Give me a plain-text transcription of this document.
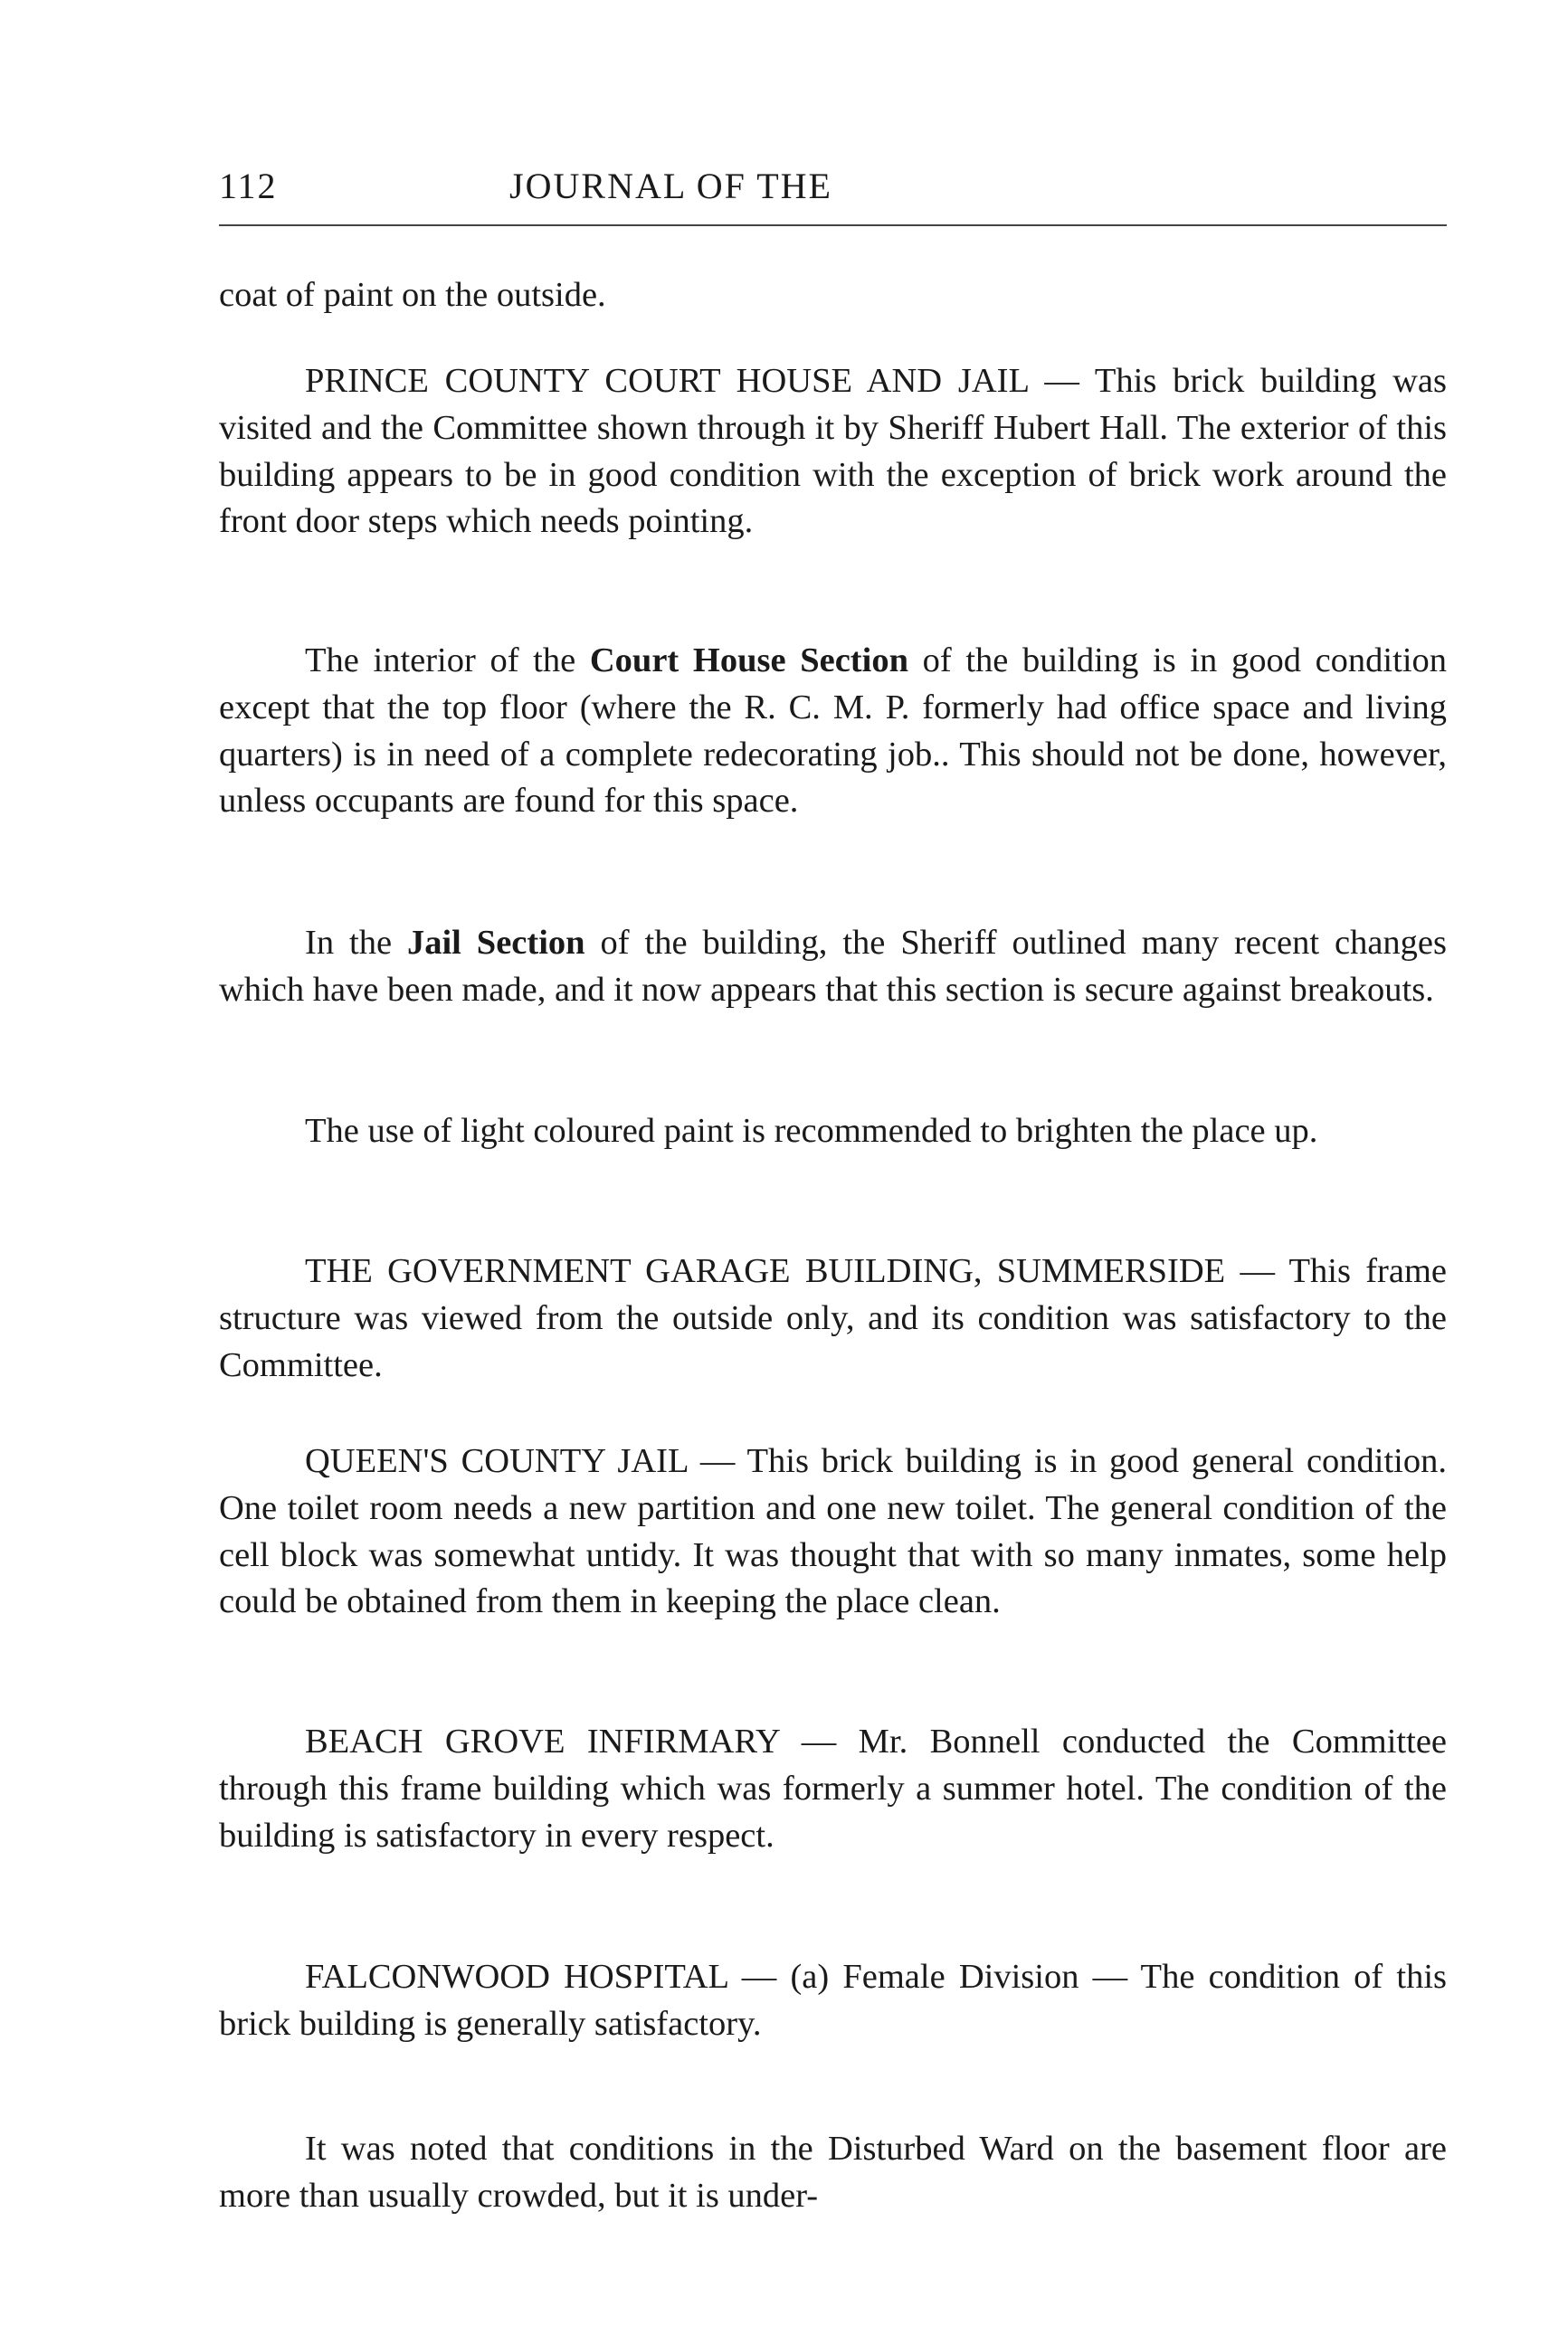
112	JOURNAL OF THE

coat of paint on the outside.

PRINCE COUNTY COURT HOUSE AND JAIL — This brick building was visited and the Committee shown through it by Sheriff Hubert Hall. The exterior of this building appears to be in good condition with the exception of brick work around the front door steps which needs pointing.

The interior of the Court House Section of the building is in good condition except that the top floor (where the R. C. M. P. formerly had office space and living quarters) is in need of a complete redecorating job.. This should not be done, however, unless occupants are found for this space.

In the Jail Section of the building, the Sheriff outlined many recent changes which have been made, and it now appears that this section is secure against breakouts.

The use of light coloured paint is recommended to brighten the place up.

THE GOVERNMENT GARAGE BUILDING, SUMMERSIDE — This frame structure was viewed from the outside only, and its condition was satisfactory to the Committee.

QUEEN'S COUNTY JAIL — This brick building is in good general condition. One toilet room needs a new partition and one new toilet. The general condition of the cell block was somewhat untidy. It was thought that with so many inmates, some help could be obtained from them in keeping the place clean.

BEACH GROVE INFIRMARY — Mr. Bonnell conducted the Committee through this frame building which was formerly a summer hotel. The condition of the building is satisfactory in every respect.

FALCONWOOD HOSPITAL — (a) Female Division — The condition of this brick building is generally satisfactory.

It was noted that conditions in the Disturbed Ward on the basement floor are more than usually crowded, but it is under-
